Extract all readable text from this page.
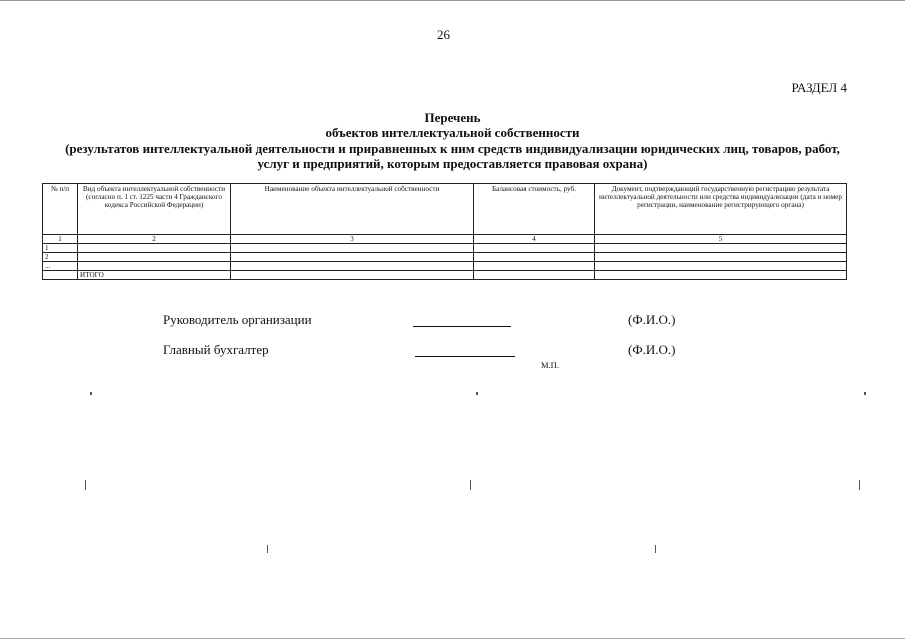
26
РАЗДЕЛ 4
Перечень
объектов интеллектуальной собственности
(результатов интеллектуальной деятельности и приравненных к ним средств индивидуализации юридических лиц, товаров, работ,
услуг и предприятий, которым предоставляется правовая охрана)
№ п/п	Вид объекта интеллектуальной собственности (согласно п. 1 ст. 1225 части 4 Гражданского кодекса Российской Федерации)	Наименование объекта интеллектуальной собственности	Балансовая стоимость, руб.	Документ, подтверждающий государственную регистрацию результата интеллектуальной деятельности или средства индивидуализации (дата и номер регистрации, наименование регистрирующего органа)
1	2	3	4	5
1				
2				
...				
	ИТОГО			
Руководитель организации	(Ф.И.О.)
Главный бухгалтер	(Ф.И.О.)
М.П.
